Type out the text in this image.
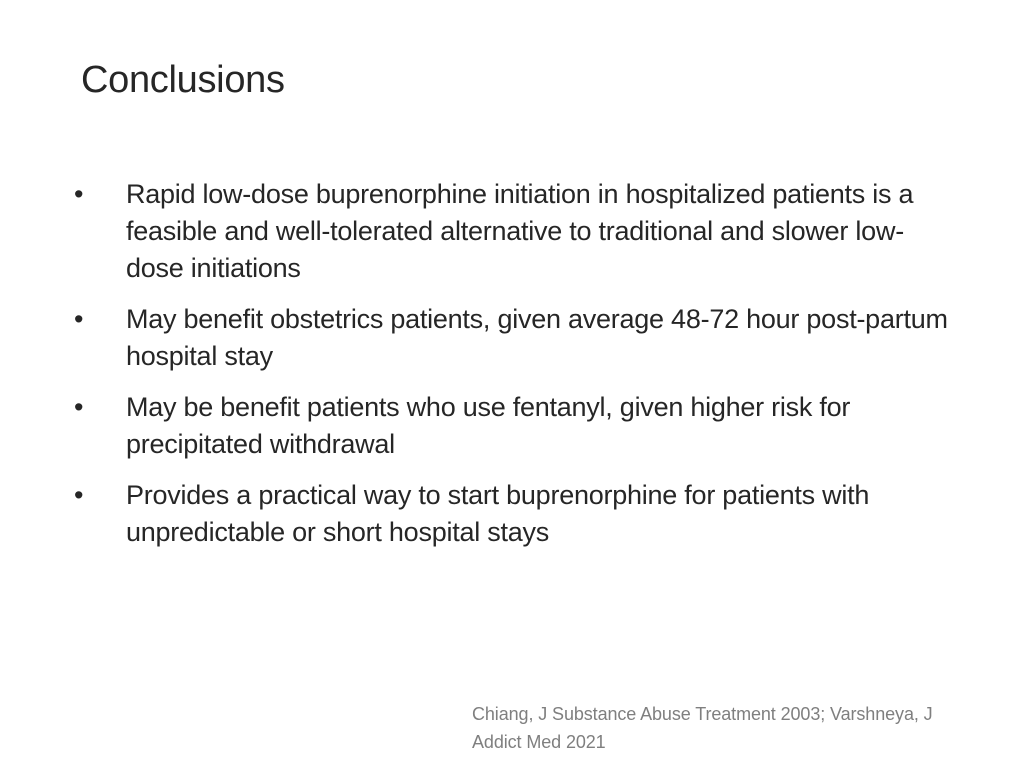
Conclusions
• Rapid low-dose buprenorphine initiation in hospitalized patients is a feasible and well-tolerated alternative to traditional and slower low-dose initiations
• May benefit obstetrics patients, given average 48-72 hour post-partum hospital stay
• May be benefit patients who use fentanyl, given higher risk for precipitated withdrawal
• Provides a practical way to start buprenorphine for patients with unpredictable or short hospital stays
Chiang, J Substance Abuse Treatment 2003; Varshneya, J
Addict Med 2021
